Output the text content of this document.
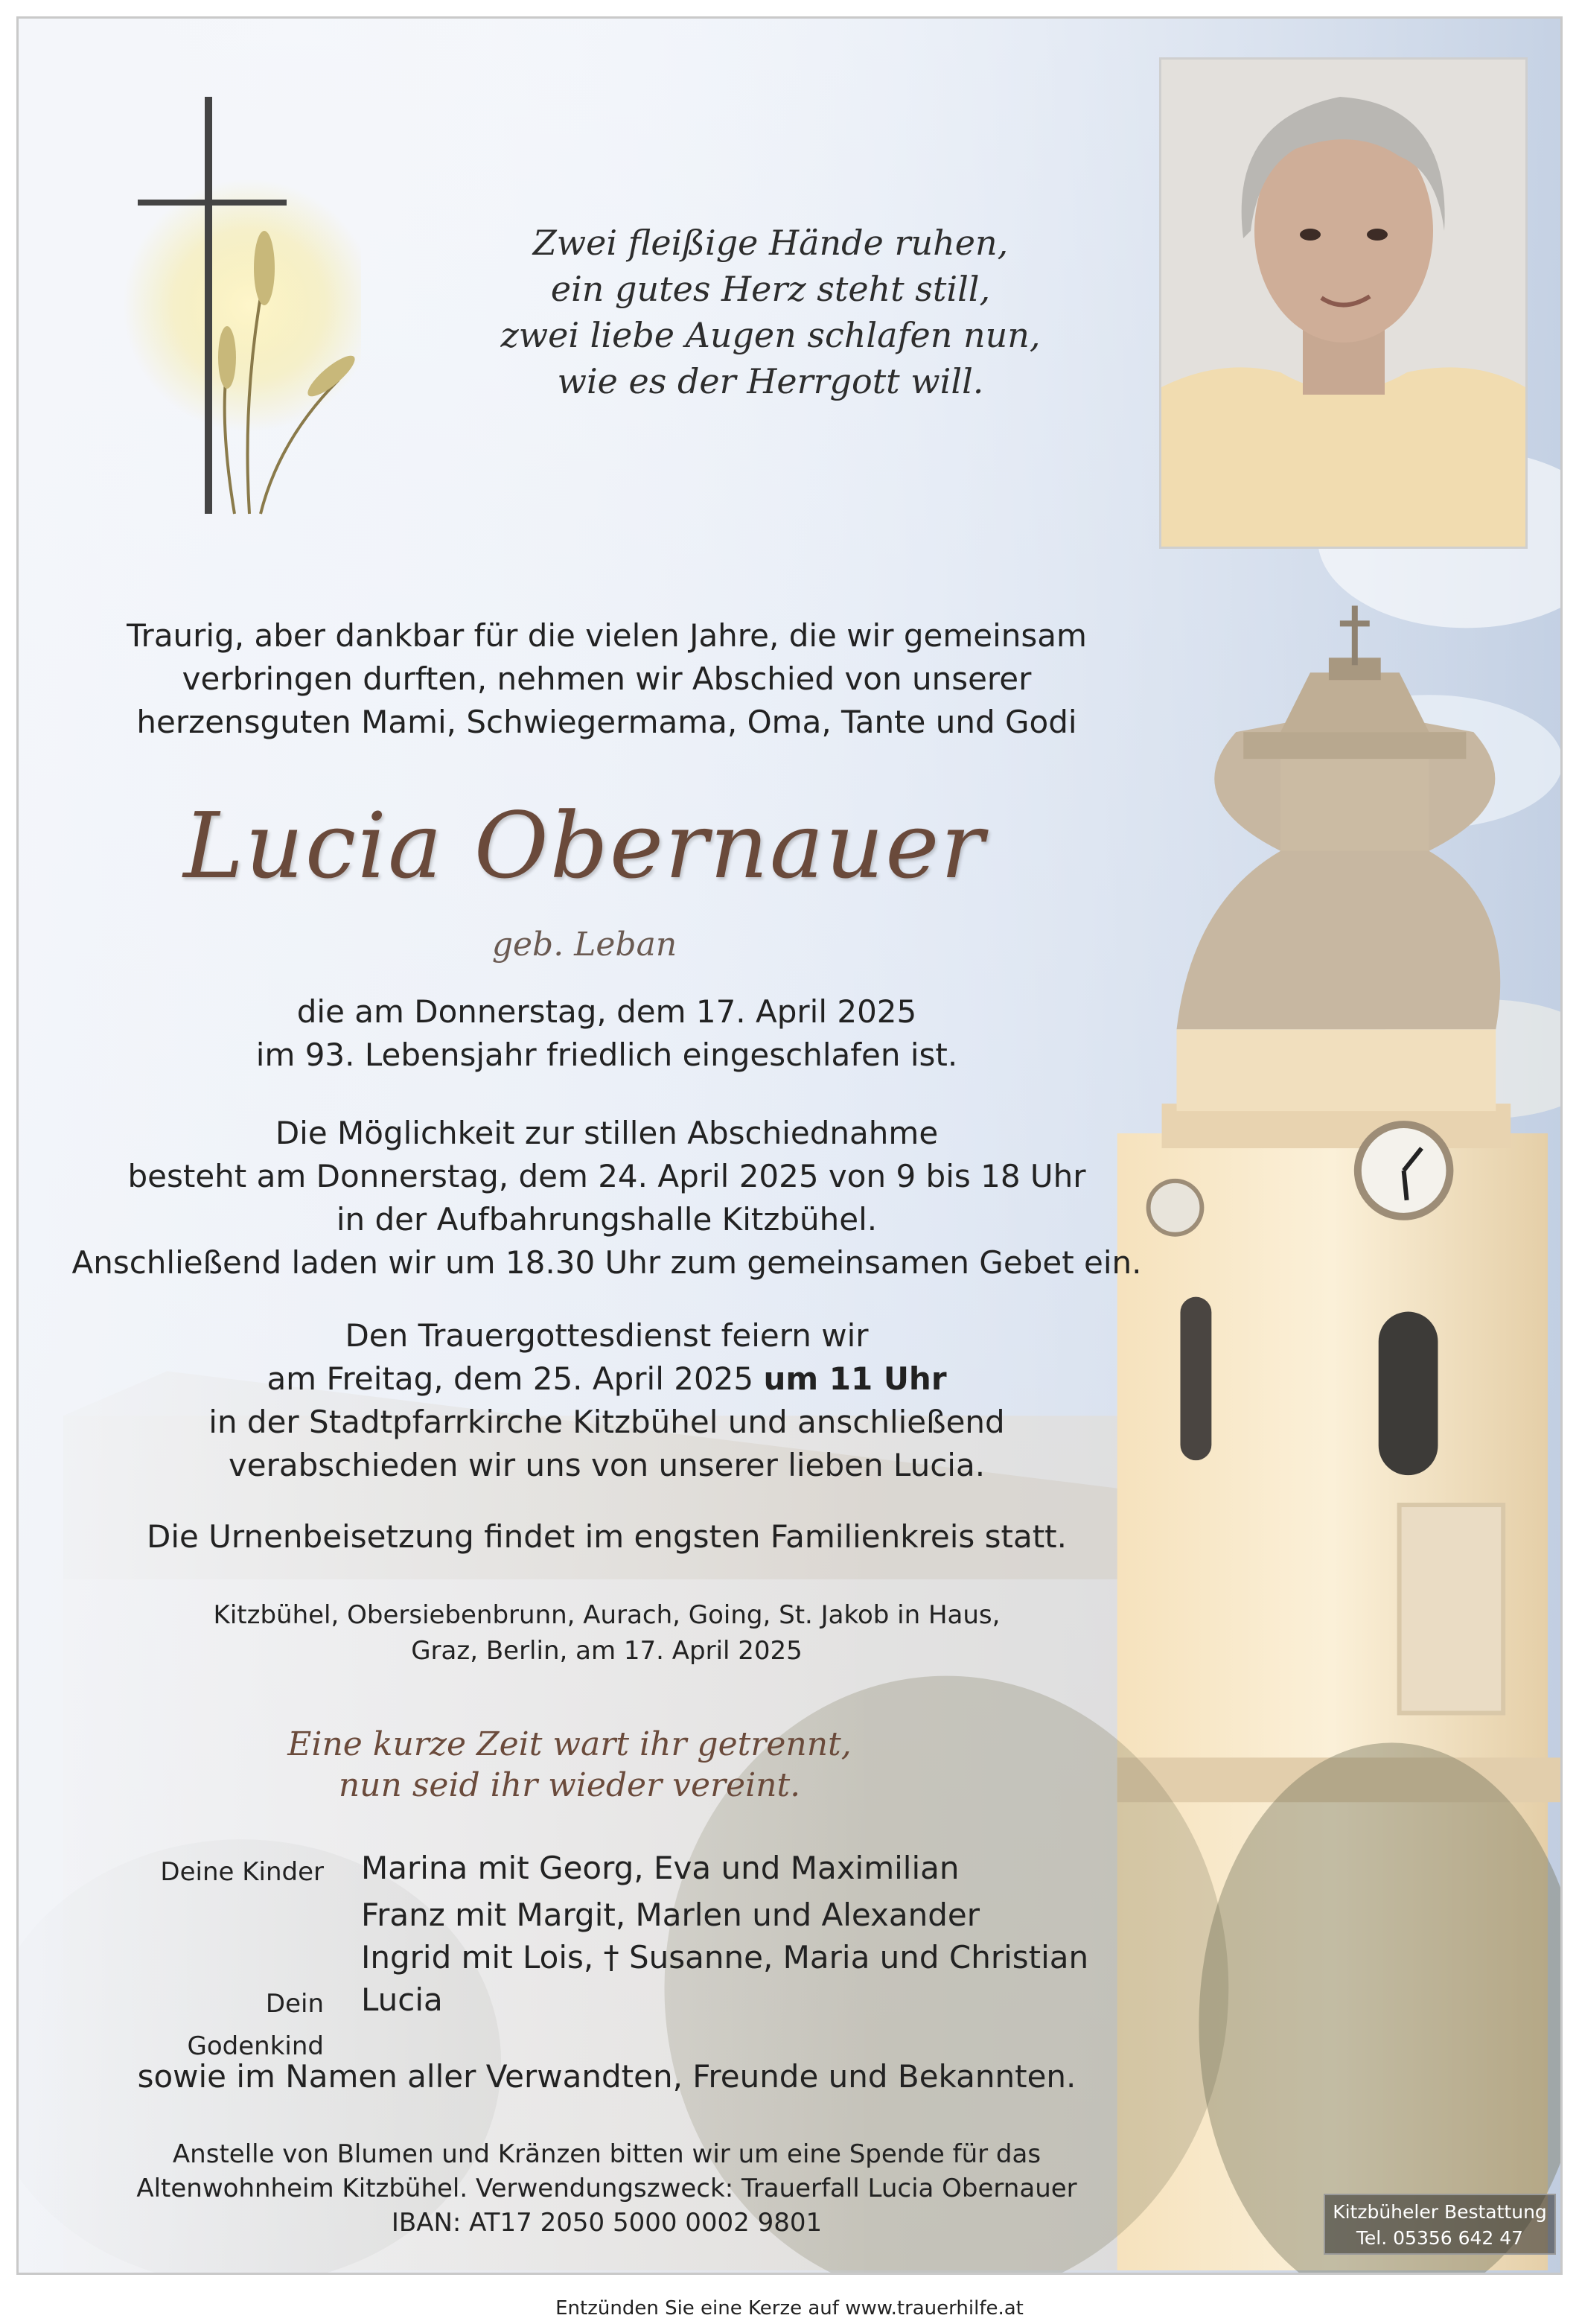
Zwei fleißige Hände ruhen,
ein gutes Herz steht still,
zwei liebe Augen schlafen nun,
wie es der Herrgott will.
Traurig, aber dankbar für die vielen Jahre, die wir gemeinsam
verbringen durften, nehmen wir Abschied von unserer
herzensguten Mami, Schwiegermama, Oma, Tante und Godi
Lucia Obernauer
geb. Leban
die am Donnerstag, dem 17. April 2025
im 93. Lebensjahr friedlich eingeschlafen ist.
Die Möglichkeit zur stillen Abschiednahme
besteht am Donnerstag, dem 24. April 2025 von 9 bis 18 Uhr
in der Aufbahrungshalle Kitzbühel.
Anschließend laden wir um 18.30 Uhr zum gemeinsamen Gebet ein.
Den Trauergottesdienst feiern wir
am Freitag, dem 25. April 2025 um 11 Uhr
in der Stadtpfarrkirche Kitzbühel und anschließend
verabschieden wir uns von unserer lieben Lucia.
Die Urnenbeisetzung findet im engsten Familienkreis statt.
Kitzbühel, Obersiebenbrunn, Aurach, Going, St. Jakob in Haus,
Graz, Berlin, am 17. April 2025
Eine kurze Zeit wart ihr getrennt,
nun seid ihr wieder vereint.
Deine Kinder	Marina mit Georg, Eva und Maximilian
Franz mit Margit, Marlen und Alexander
Ingrid mit Lois, † Susanne, Maria und Christian
Dein Godenkind
Lucia
sowie im Namen aller Verwandten, Freunde und Bekannten.
Anstelle von Blumen und Kränzen bitten wir um eine Spende für das
Altenwohnheim Kitzbühel. Verwendungszweck: Trauerfall Lucia Obernauer
IBAN: AT17 2050 5000 0002 9801	Kitzbüheler Bestattung
Tel. 05356 642 47
Entzünden Sie eine Kerze auf www.trauerhilfe.at
